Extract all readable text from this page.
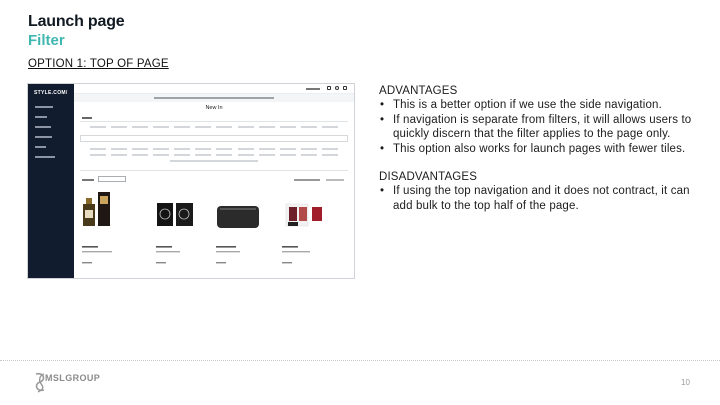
Launch page
Filter
OPTION 1: TOP OF PAGE
STYLE.COM/
New In
ADVANTAGES
• This is a better option if we use the side navigation.
• If navigation is separate from filters, it will allows users to quickly discern that the filter applies to the page only.
• This option also works for launch pages with fewer tiles.
DISADVANTAGES
• If using the top navigation and it does not contract, it can add bulk to the top half of the page.
MSLGROUP	10
